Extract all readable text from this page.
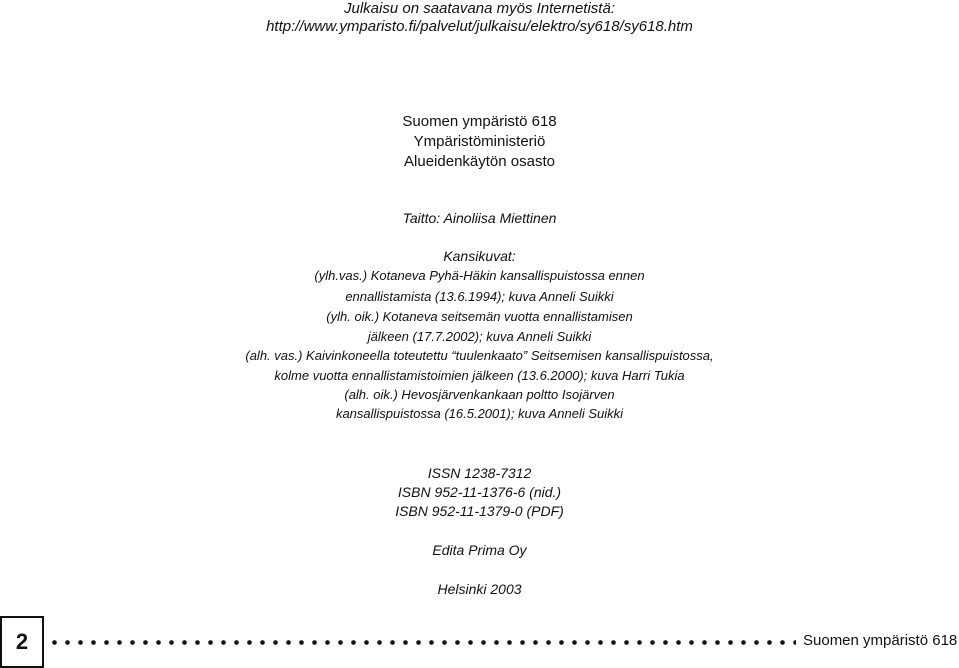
Julkaisu on saatavana myös Internetistä:
http://www.ymparisto.fi/palvelut/julkaisu/elektro/sy618/sy618.htm
Suomen ympäristö 618
Ympäristöministeriö
Alueidenkäytön osasto
Taitto: Ainoliisa Miettinen
Kansikuvat:
(ylh.vas.) Kotaneva Pyhä-Häkin kansallispuistossa ennen
ennallistamista (13.6.1994); kuva Anneli Suikki
(ylh. oik.) Kotaneva seitsemän vuotta ennallistamisen
jälkeen (17.7.2002); kuva Anneli Suikki
(alh. vas.) Kaivinkoneella toteutettu “tuulenkaato” Seitsemisen kansallispuistossa,
kolme vuotta ennallistamistoimien jälkeen (13.6.2000); kuva Harri Tukia
(alh. oik.) Hevosjärvenkankaan poltto Isojärven
kansallispuistossa (16.5.2001); kuva Anneli Suikki
ISSN 1238-7312
ISBN 952-11-1376-6 (nid.)
ISBN 952-11-1379-0 (PDF)
Edita Prima Oy
Helsinki 2003
2	Suomen ympäristö 618
